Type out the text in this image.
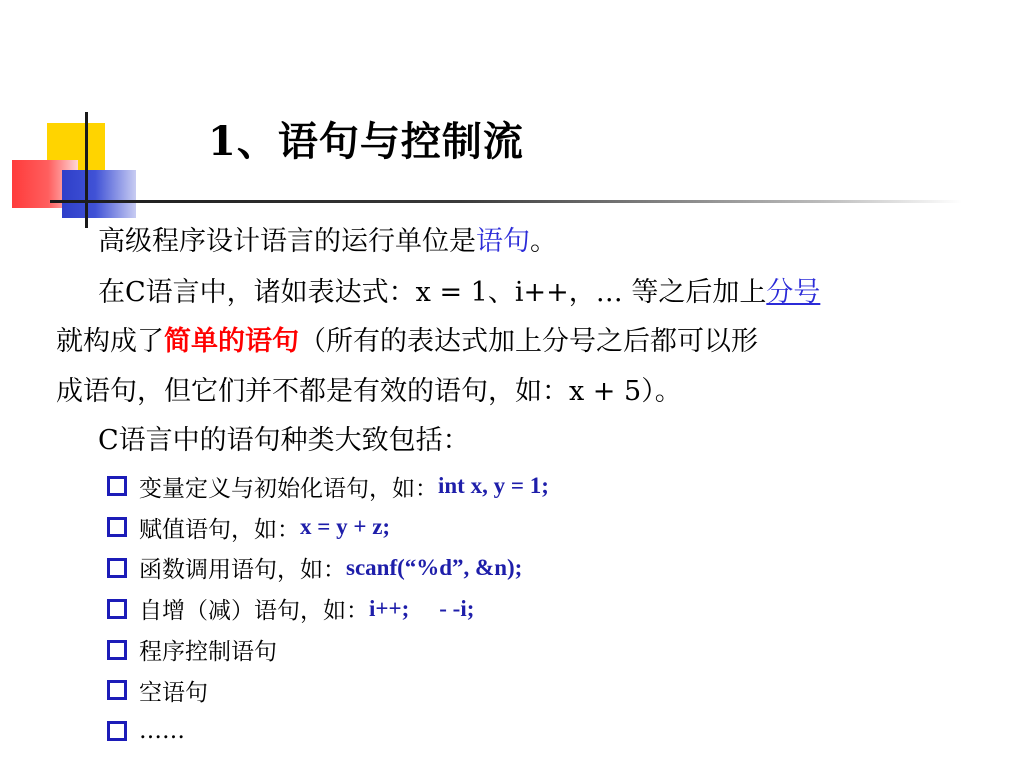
1、语句与控制流
高级程序设计语言的运行单位是语句。
在C语言中，诸如表达式：x = 1、i++，… 等之后加上分号
就构成了简单的语句（所有的表达式加上分号之后都可以形
成语句，但它们并不都是有效的语句，如：x + 5）。
C语言中的语句种类大致包括：
变量定义与初始化语句，如： int x, y = 1;
赋值语句，如： x = y + z;
函数调用语句，如： scanf(“%d”, &n);
自增（减）语句，如： i++; - -i;
程序控制语句
空语句
……
